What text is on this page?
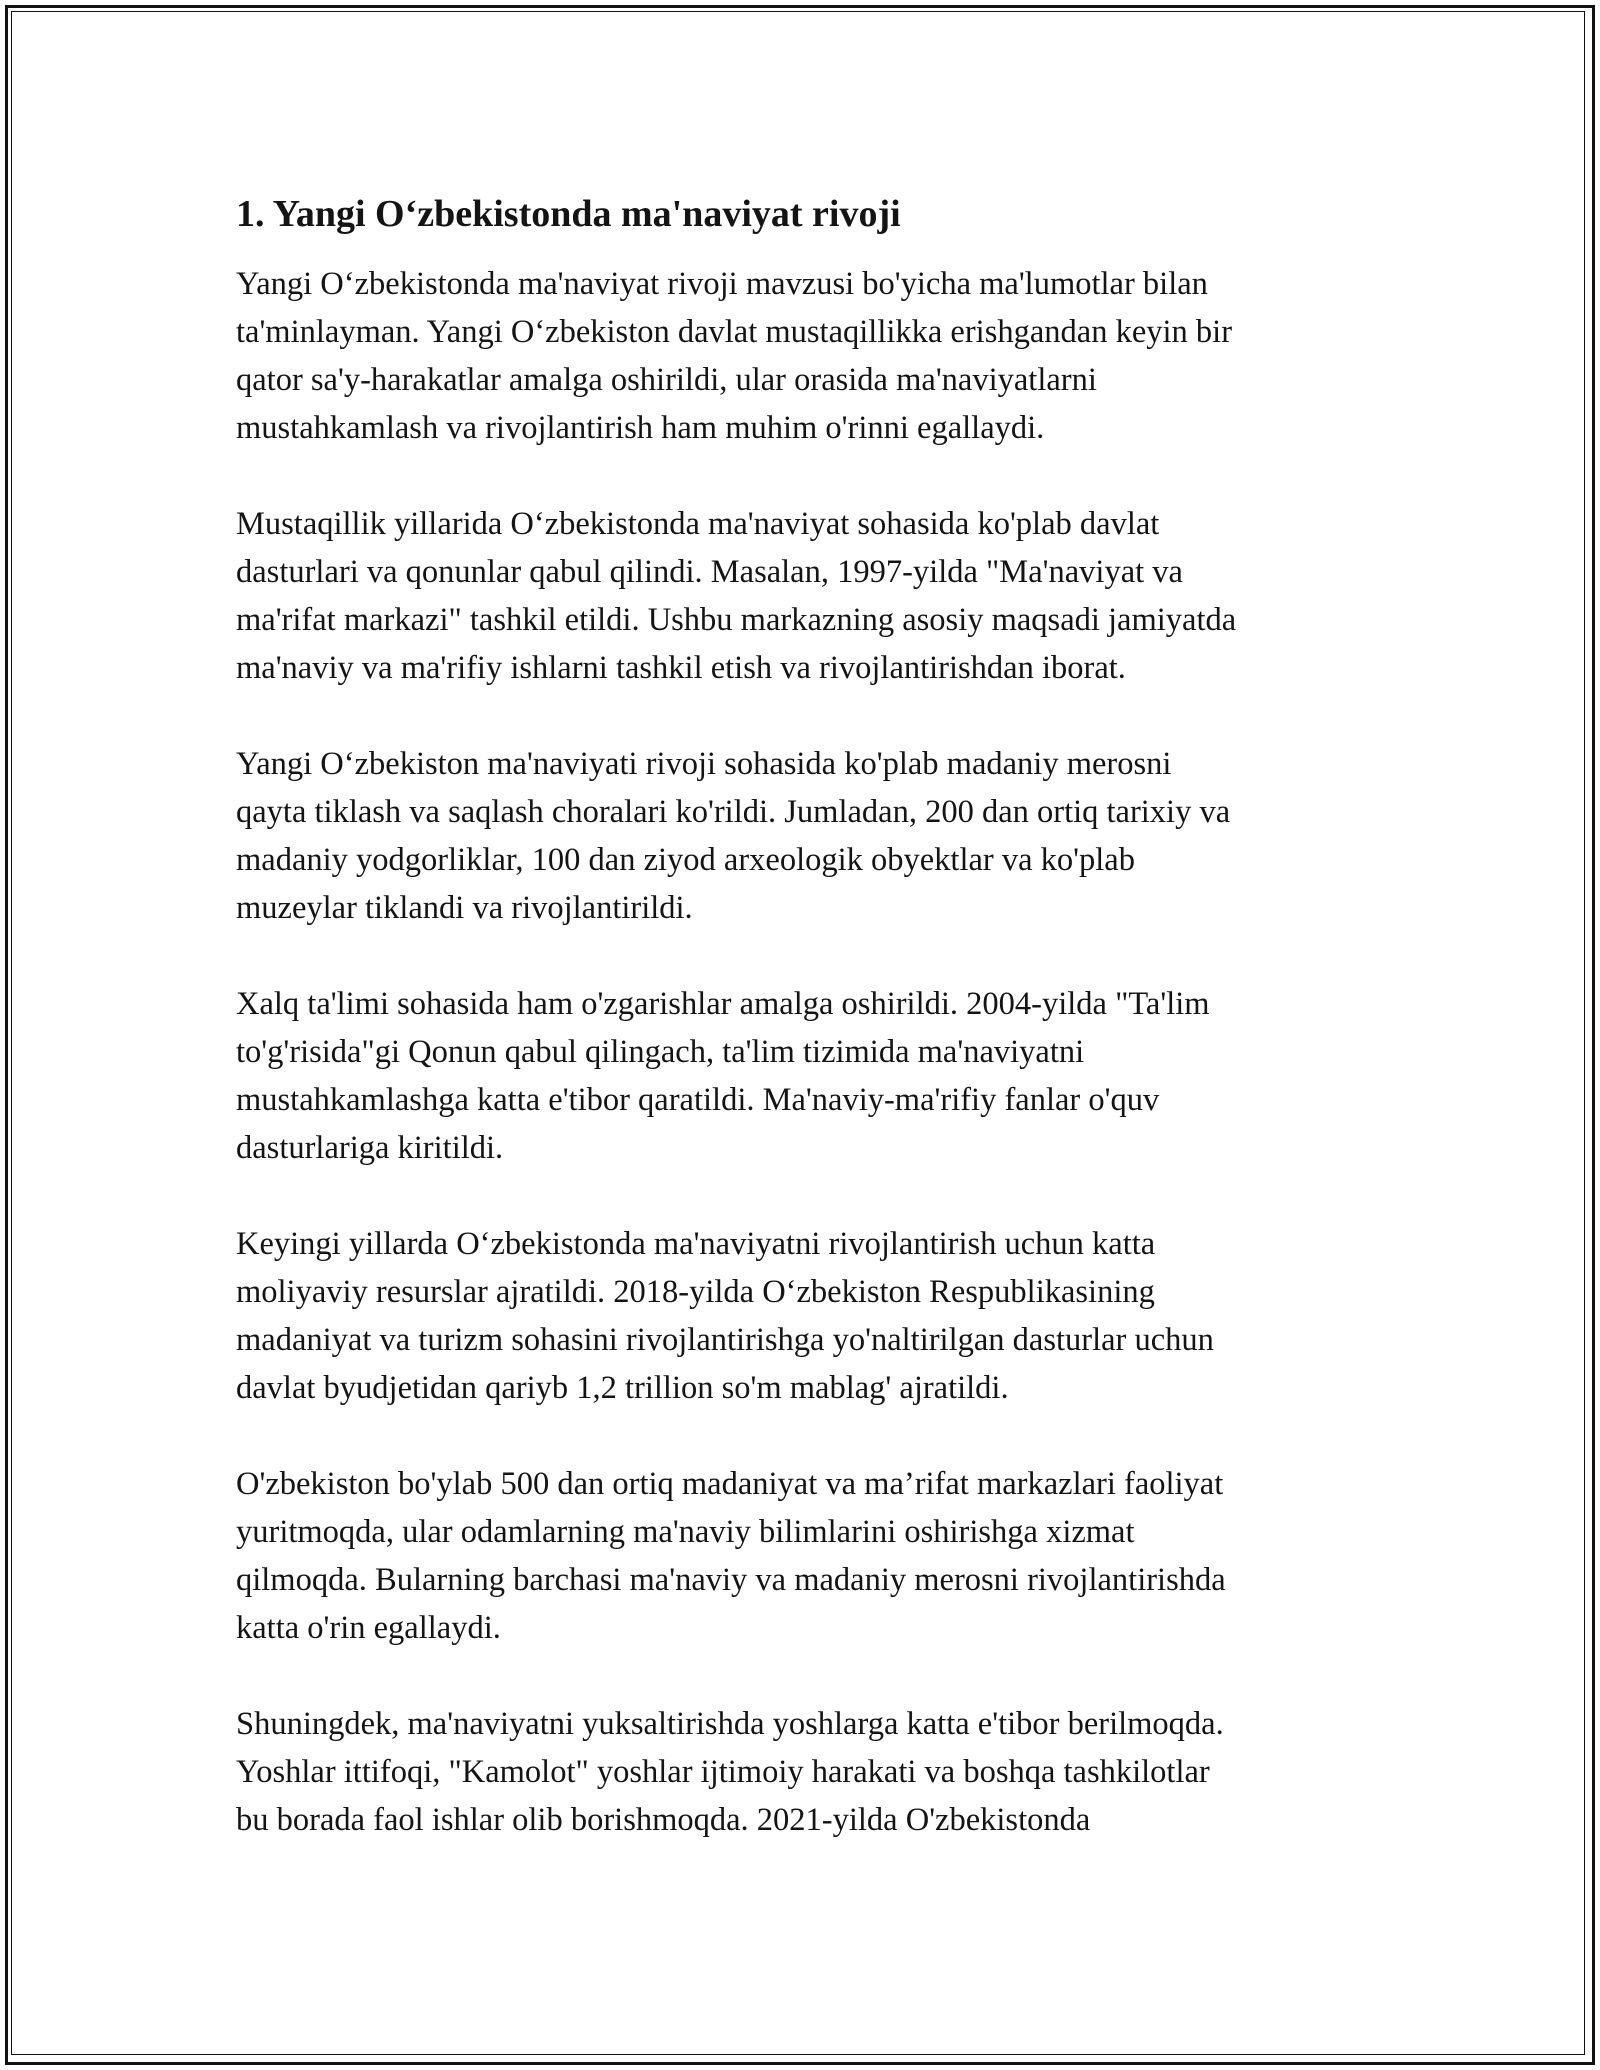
1. Yangi O‘zbekistonda ma'naviyat rivoji

Yangi O‘zbekistonda ma'naviyat rivoji mavzusi bo'yicha ma'lumotlar bilan
ta'minlayman. Yangi O‘zbekiston davlat mustaqillikka erishgandan keyin bir
qator sa'y-harakatlar amalga oshirildi, ular orasida ma'naviyatlarni
mustahkamlash va rivojlantirish ham muhim o'rinni egallaydi.

Mustaqillik yillarida O‘zbekistonda ma'naviyat sohasida ko'plab davlat
dasturlari va qonunlar qabul qilindi. Masalan, 1997-yilda "Ma'naviyat va
ma'rifat markazi" tashkil etildi. Ushbu markazning asosiy maqsadi jamiyatda
ma'naviy va ma'rifiy ishlarni tashkil etish va rivojlantirishdan iborat.

Yangi O‘zbekiston ma'naviyati rivoji sohasida ko'plab madaniy merosni
qayta tiklash va saqlash choralari ko'rildi. Jumladan, 200 dan ortiq tarixiy va
madaniy yodgorliklar, 100 dan ziyod arxeologik obyektlar va ko'plab
muzeylar tiklandi va rivojlantirildi.

Xalq ta'limi sohasida ham o'zgarishlar amalga oshirildi. 2004-yilda "Ta'lim
to'g'risida"gi Qonun qabul qilingach, ta'lim tizimida ma'naviyatni
mustahkamlashga katta e'tibor qaratildi. Ma'naviy-ma'rifiy fanlar o'quv
dasturlariga kiritildi.

Keyingi yillarda O‘zbekistonda ma'naviyatni rivojlantirish uchun katta
moliyaviy resurslar ajratildi. 2018-yilda O‘zbekiston Respublikasining
madaniyat va turizm sohasini rivojlantirishga yo'naltirilgan dasturlar uchun
davlat byudjetidan qariyb 1,2 trillion so'm mablag' ajratildi.

O'zbekiston bo'ylab 500 dan ortiq madaniyat va ma’rifat markazlari faoliyat
yuritmoqda, ular odamlarning ma'naviy bilimlarini oshirishga xizmat
qilmoqda. Bularning barchasi ma'naviy va madaniy merosni rivojlantirishda
katta o'rin egallaydi.

Shuningdek, ma'naviyatni yuksaltirishda yoshlarga katta e'tibor berilmoqda.
Yoshlar ittifoqi, "Kamolot" yoshlar ijtimoiy harakati va boshqa tashkilotlar
bu borada faol ishlar olib borishmoqda. 2021-yilda O'zbekistonda
